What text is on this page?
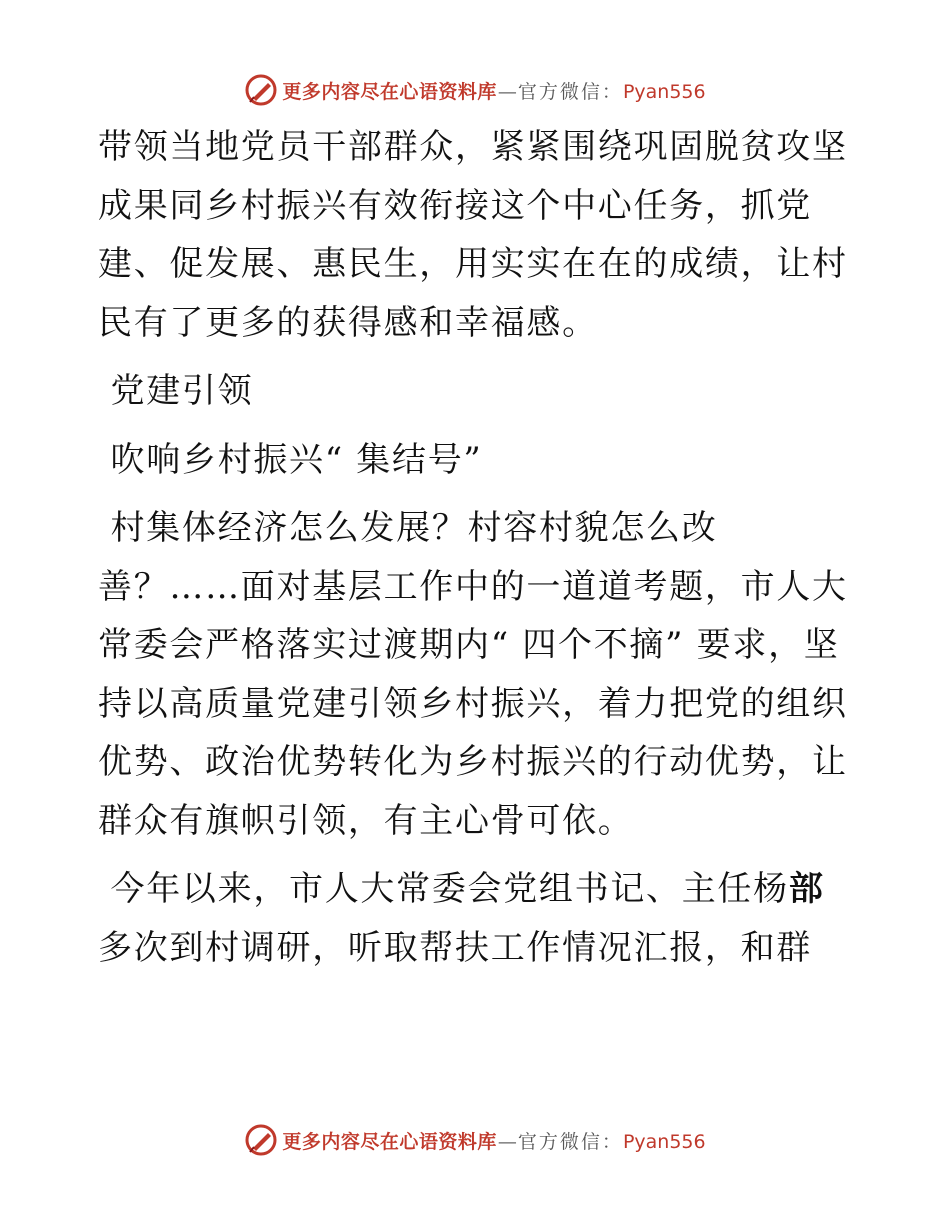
更多内容尽在心语资料库 — 官方微信： Pyan556

带领当地党员干部群众，紧紧围绕巩固脱贫攻坚成果同乡村振兴有效衔接这个中心任务，抓党建、促发展、惠民生，用实实在在的成绩，让村民有了更多的获得感和幸福感。

党建引领

吹响乡村振兴“ 集结号”

村集体经济怎么发展？村容村貌怎么改善？……面对基层工作中的一道道考题，市人大常委会严格落实过渡期内“ 四个不摘” 要求，坚持以高质量党建引领乡村振兴，着力把党的组织优势、政治优势转化为乡村振兴的行动优势，让群众有旗帜引领，有主心骨可依。

今年以来，市人大常委会党组书记、主任杨部多次到村调研，听取帮扶工作情况汇报，和群

更多内容尽在心语资料库 — 官方微信： Pyan556
